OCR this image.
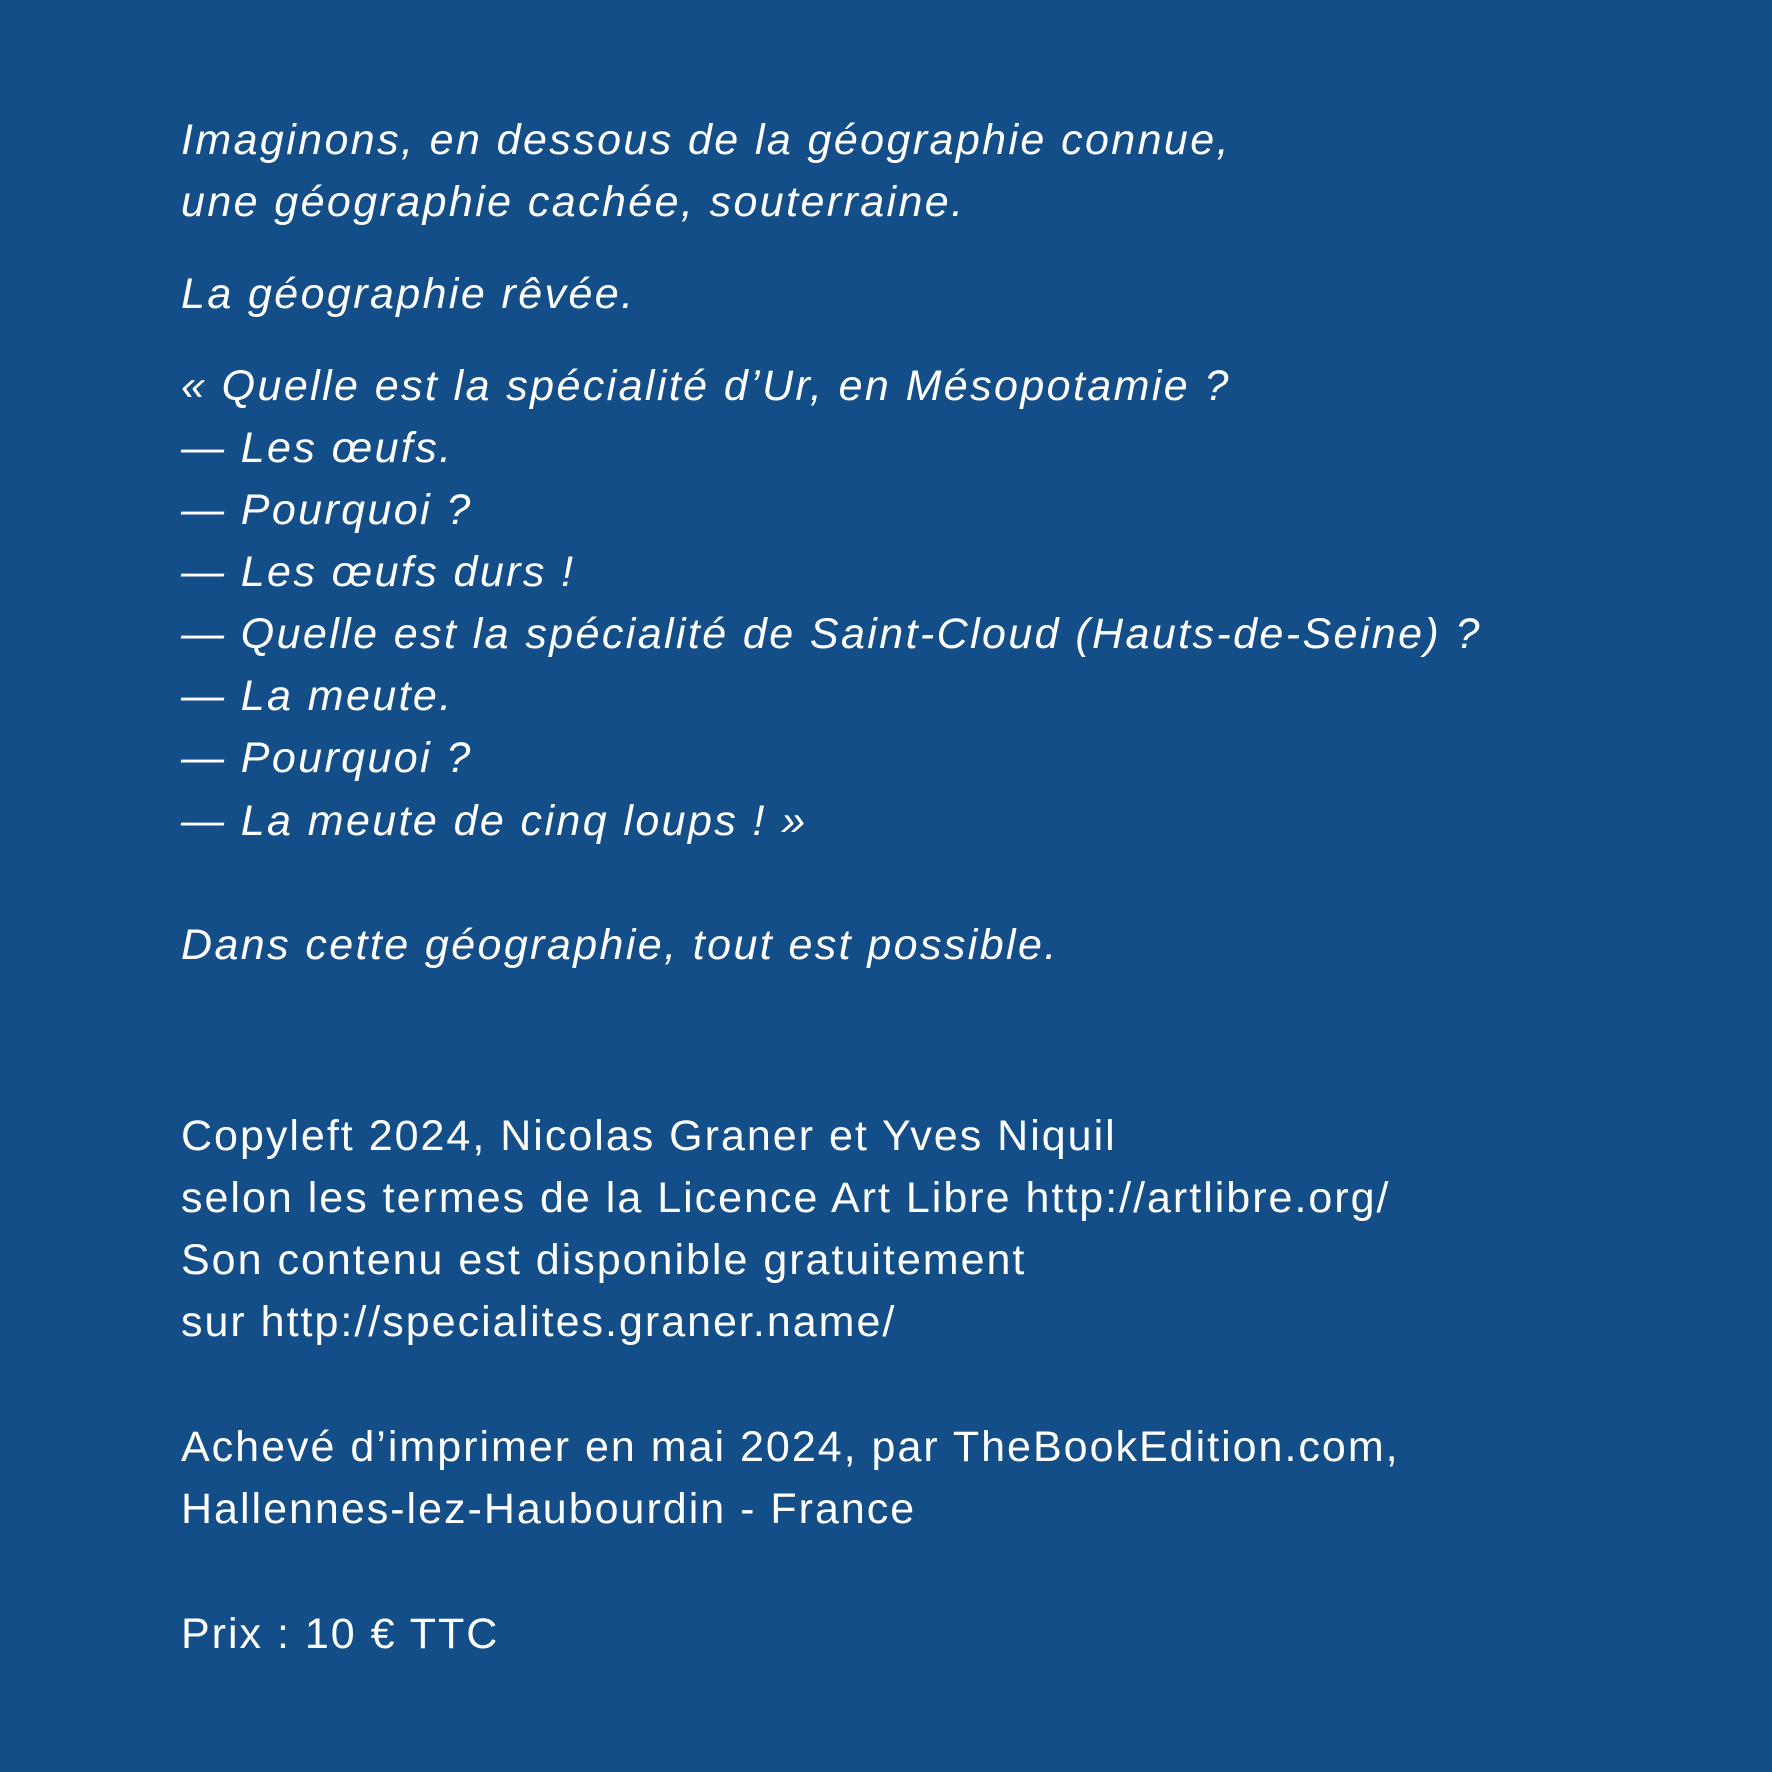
Imaginons, en dessous de la géographie connue,
une géographie cachée, souterraine.
La géographie rêvée.
« Quelle est la spécialité d’Ur, en Mésopotamie ?
— Les œufs.
— Pourquoi ?
— Les œufs durs !
— Quelle est la spécialité de Saint-Cloud (Hauts-de-Seine) ?
— La meute.
— Pourquoi ?
— La meute de cinq loups ! »
Dans cette géographie, tout est possible.
Copyleft 2024, Nicolas Graner et Yves Niquil
selon les termes de la Licence Art Libre http://artlibre.org/
Son contenu est disponible gratuitement
sur http://specialites.graner.name/
Achevé d’imprimer en mai 2024, par TheBookEdition.com,
Hallennes-lez-Haubourdin - France
Prix : 10 € TTC
